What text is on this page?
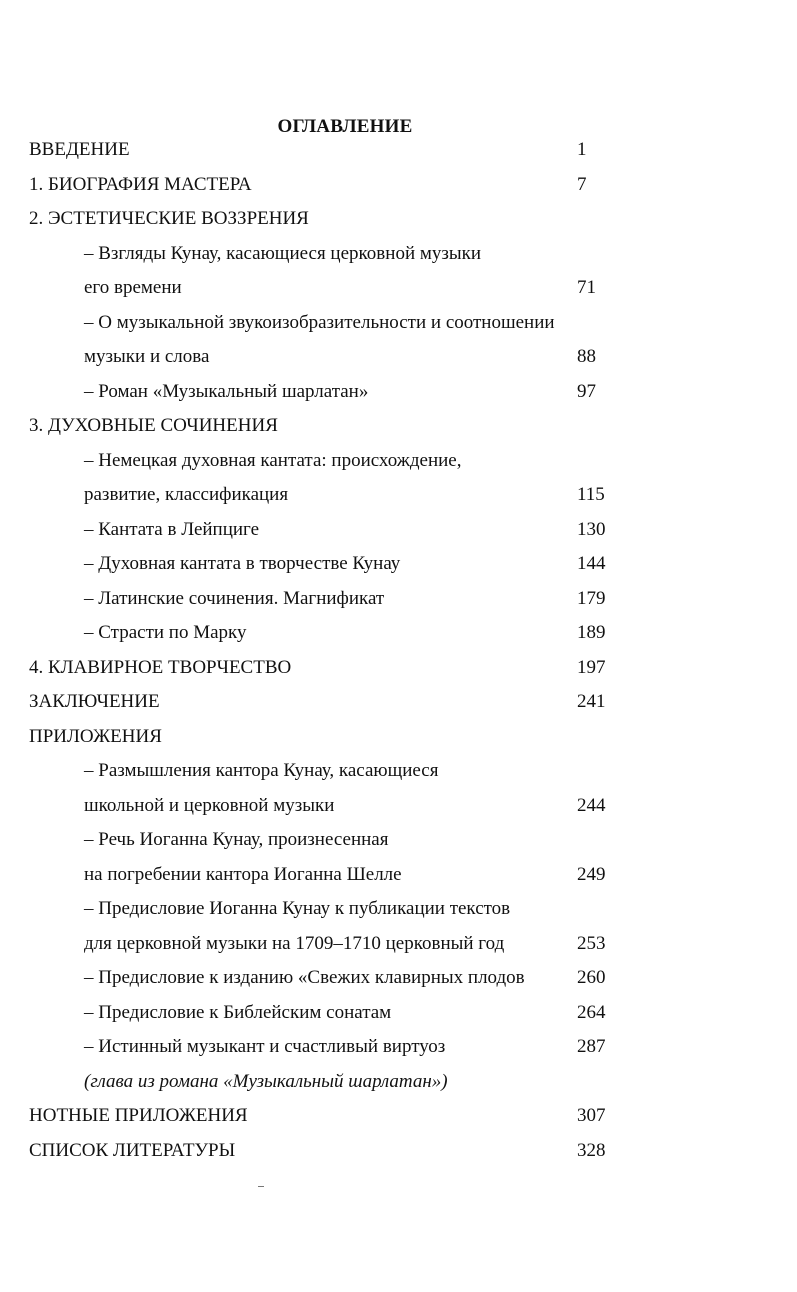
ОГЛАВЛЕНИЕ
ВВЕДЕНИЕ	1
1. БИОГРАФИЯ МАСТЕРА	7
2. ЭСТЕТИЧЕСКИЕ ВОЗЗРЕНИЯ
– Взгляды Кунау, касающиеся церковной музыки
его времени	71
– О музыкальной звукоизобразительности и соотношении
музыки и слова	88
– Роман «Музыкальный шарлатан»	97
3. ДУХОВНЫЕ СОЧИНЕНИЯ
– Немецкая духовная кантата: происхождение,
развитие, классификация	115
– Кантата в Лейпциге	130
– Духовная кантата в творчестве Кунау	144
– Латинские сочинения. Магнификат	179
– Страсти по Марку	189
4. КЛАВИРНОЕ ТВОРЧЕСТВО	197
ЗАКЛЮЧЕНИЕ	241
ПРИЛОЖЕНИЯ
– Размышления кантора Кунау, касающиеся
школьной и церковной музыки	244
– Речь Иоганна Кунау, произнесенная
на погребении кантора Иоганна Шелле	249
– Предисловие Иоганна Кунау к публикации текстов
для церковной музыки на 1709–1710 церковный год	253
– Предисловие к изданию «Свежих клавирных плодов	260
– Предисловие к Библейским сонатам	264
– Истинный музыкант и счастливый виртуоз	287
(глава из романа «Музыкальный шарлатан»)
НОТНЫЕ ПРИЛОЖЕНИЯ	307
СПИСОК ЛИТЕРАТУРЫ	328
